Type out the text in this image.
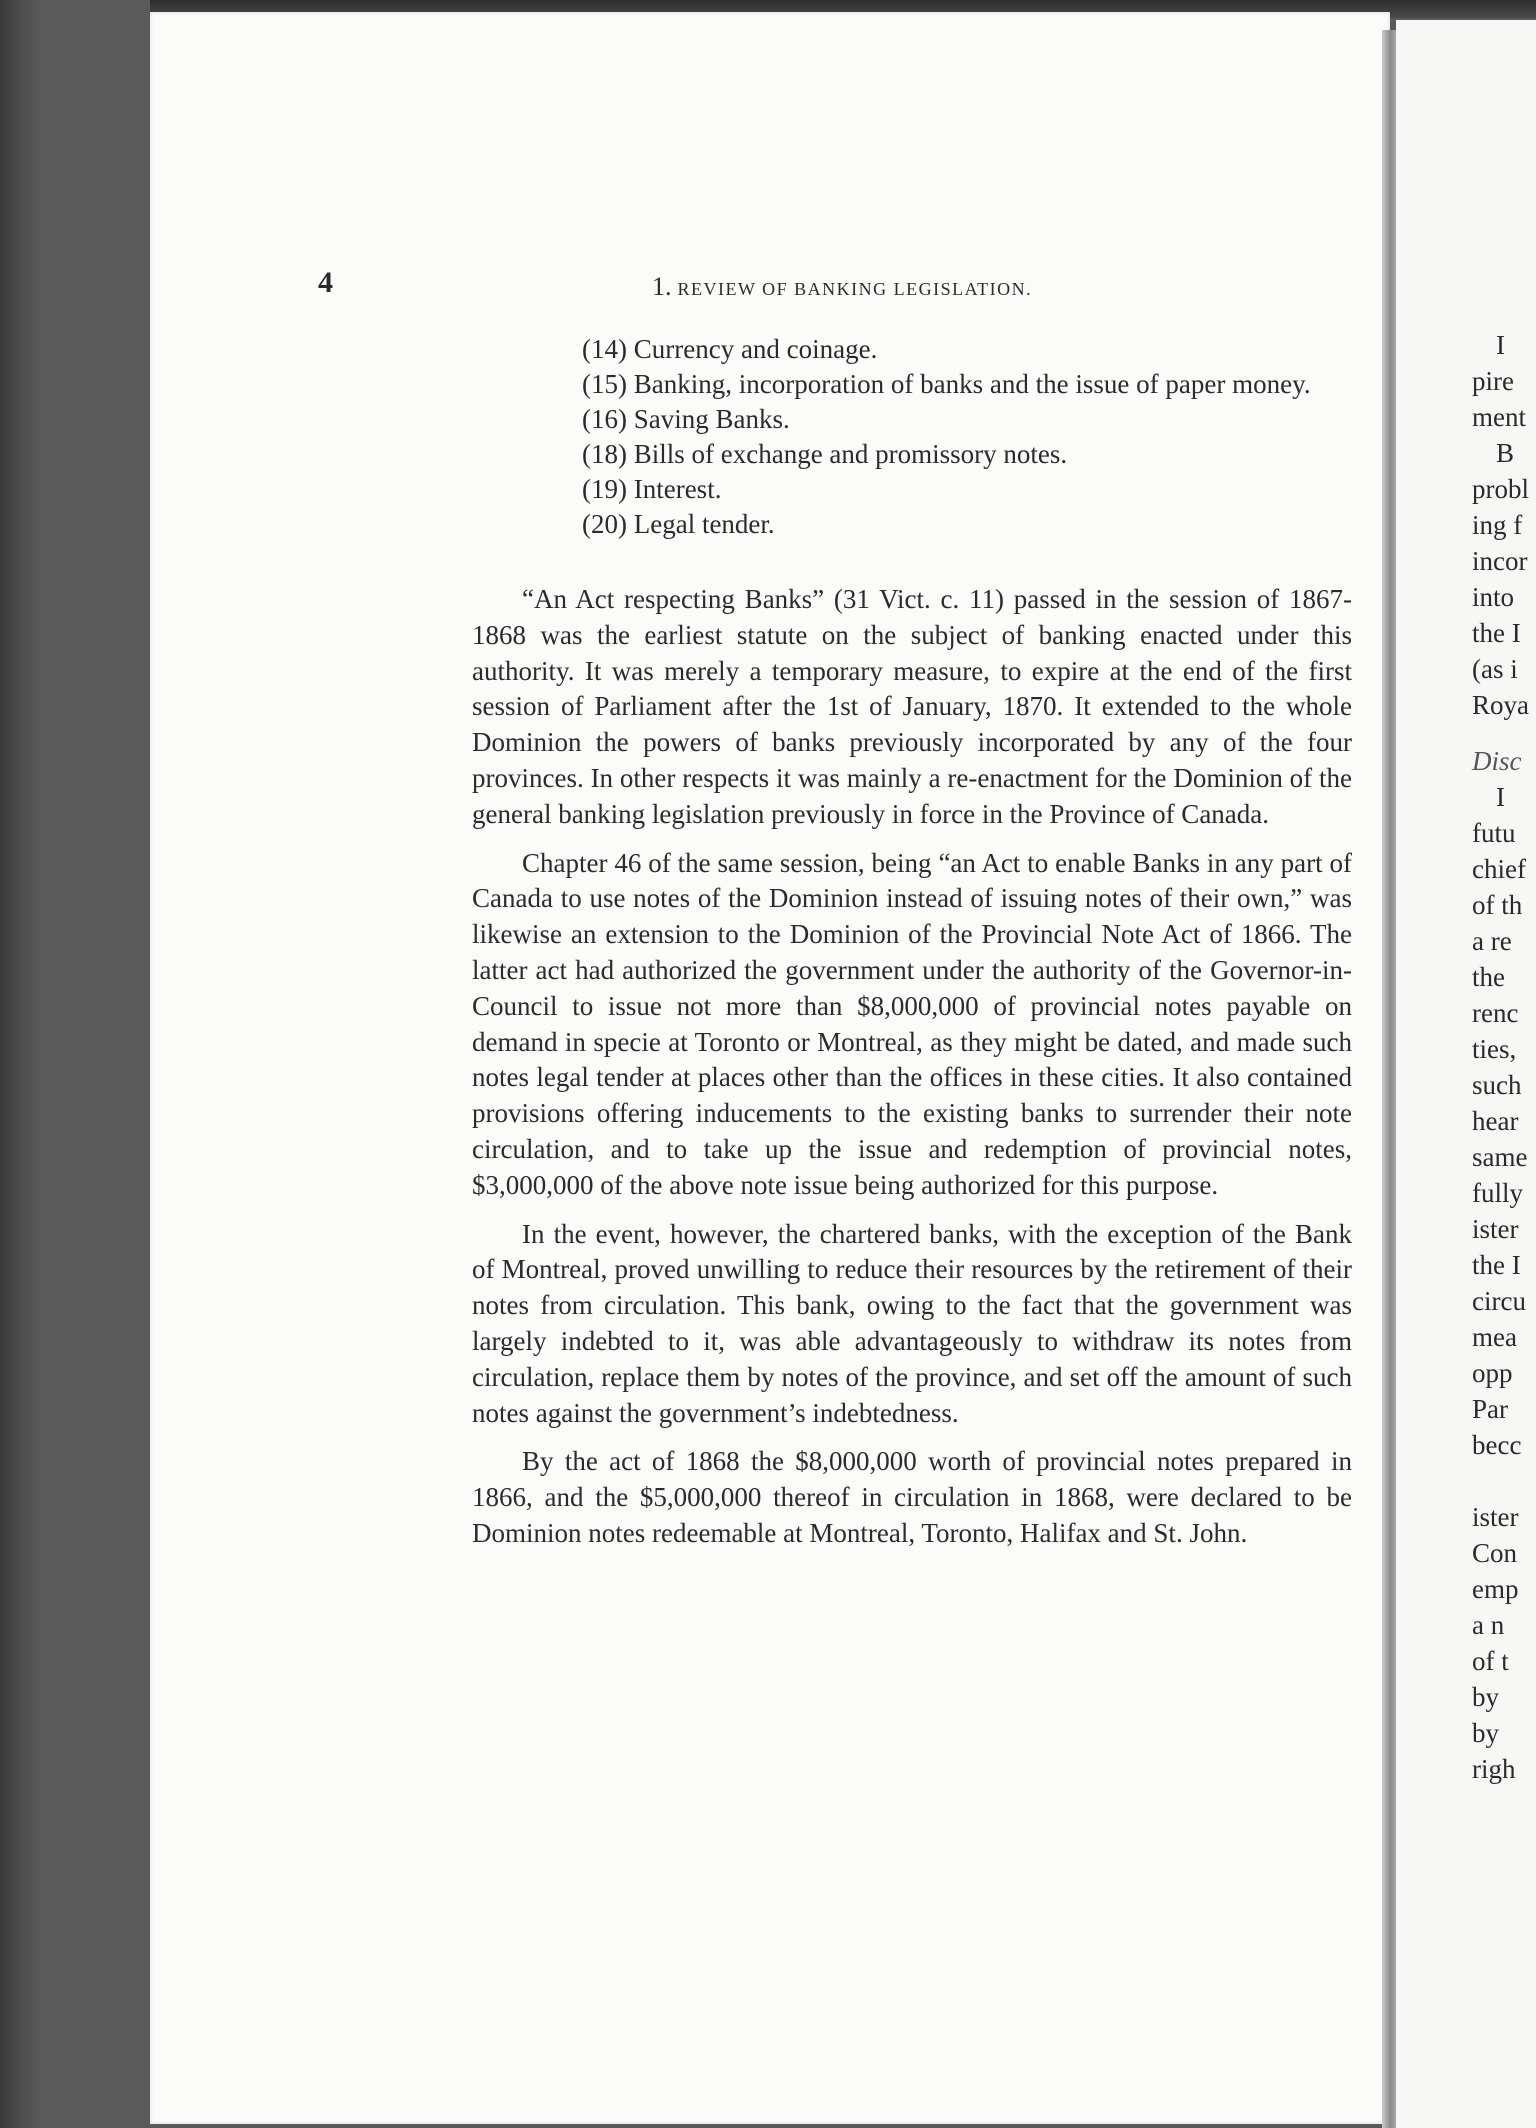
4	1. REVIEW OF BANKING LEGISLATION.
(14) Currency and coinage.
(15) Banking, incorporation of banks and the issue of paper money.
(16) Saving Banks.
(18) Bills of exchange and promissory notes.
(19) Interest.
(20) Legal tender.

“An Act respecting Banks” (31 Vict. c. 11) passed in the session of 1867-1868 was the earliest statute on the subject of banking enacted under this authority. It was merely a temporary measure, to expire at the end of the first session of Parliament after the 1st of January, 1870. It extended to the whole Dominion the powers of banks previously incorporated by any of the four provinces. In other respects it was mainly a re-enactment for the Dominion of the general banking legislation previously in force in the Province of Canada.

Chapter 46 of the same session, being “an Act to enable Banks in any part of Canada to use notes of the Dominion instead of issuing notes of their own,” was likewise an extension to the Dominion of the Provincial Note Act of 1866. The latter act had authorized the government under the authority of the Governor-in-Council to issue not more than $8,000,000 of provincial notes payable on demand in specie at Toronto or Montreal, as they might be dated, and made such notes legal tender at places other than the offices in these cities. It also contained provisions offering inducements to the existing banks to surrender their note circulation, and to take up the issue and redemption of provincial notes, $3,000,000 of the above note issue being authorized for this purpose.

In the event, however, the chartered banks, with the exception of the Bank of Montreal, proved unwilling to reduce their resources by the retirement of their notes from circulation. This bank, owing to the fact that the government was largely indebted to it, was able advantageously to withdraw its notes from circulation, replace them by notes of the province, and set off the amount of such notes against the government’s indebtedness.

By the act of 1868 the $8,000,000 worth of provincial notes prepared in 1866, and the $5,000,000 thereof in circulation in 1868, were declared to be Dominion notes redeemable at Montreal, Toronto, Halifax and St. John.

I
pire
ment
B
probl
ing f
incor
into
the I
(as i
Roya
Disc
I
futu
chief
of th
a re
the
renc
ties,
such
hear
same
fully
ister
the I
circu
mea
opp
Par
becc
ister
Con
emp
a n
of t
by
by
righ
